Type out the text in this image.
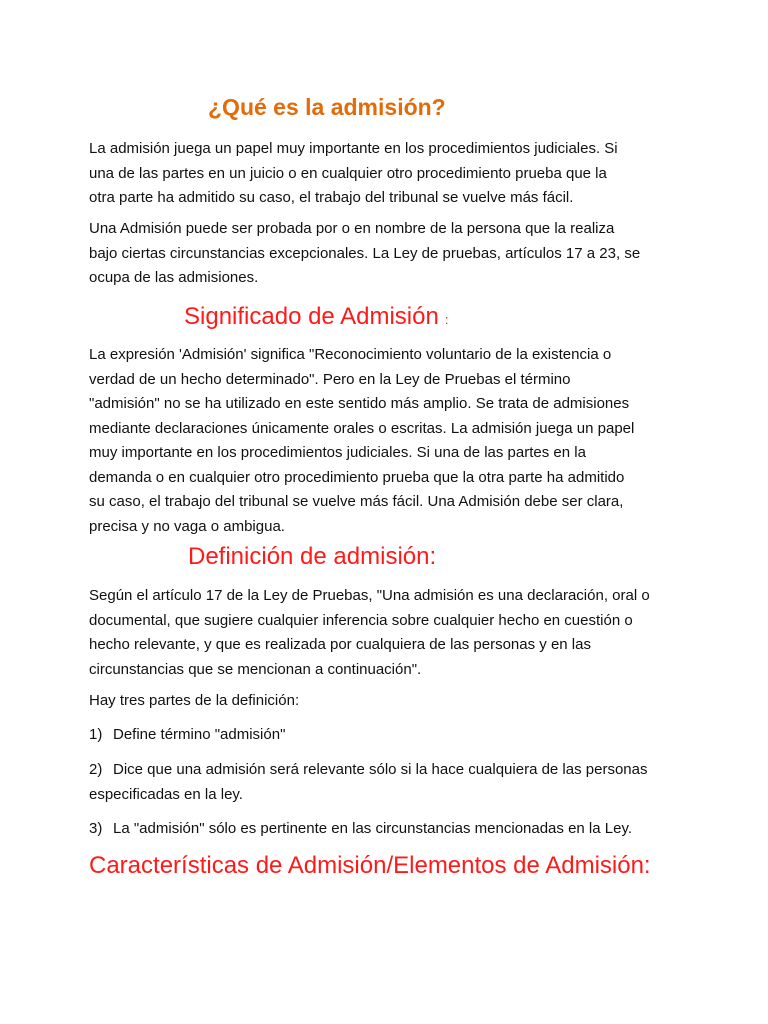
¿Qué es la admisión?
La admisión juega un papel muy importante en los procedimientos judiciales. Si
una de las partes en un juicio o en cualquier otro procedimiento prueba que la
otra parte ha admitido su caso, el trabajo del tribunal se vuelve más fácil.
Una Admisión puede ser probada por o en nombre de la persona que la realiza
bajo ciertas circunstancias excepcionales. La Ley de pruebas, artículos 17 a 23, se
ocupa de las admisiones.
Significado de Admisión :
La expresión 'Admisión' significa "Reconocimiento voluntario de la existencia o
verdad de un hecho determinado". Pero en la Ley de Pruebas el término
"admisión" no se ha utilizado en este sentido más amplio. Se trata de admisiones
mediante declaraciones únicamente orales o escritas. La admisión juega un papel
muy importante en los procedimientos judiciales. Si una de las partes en la
demanda o en cualquier otro procedimiento prueba que la otra parte ha admitido
su caso, el trabajo del tribunal se vuelve más fácil. Una Admisión debe ser clara,
precisa y no vaga o ambigua.
Definición de admisión:
Según el artículo 17 de la Ley de Pruebas, "Una admisión es una declaración, oral o
documental, que sugiere cualquier inferencia sobre cualquier hecho en cuestión o
hecho relevante, y que es realizada por cualquiera de las personas y en las
circunstancias que se mencionan a continuación".
Hay tres partes de la definición:
1) Define término "admisión"
2) Dice que una admisión será relevante sólo si la hace cualquiera de las personas
especificadas en la ley.
3) La "admisión" sólo es pertinente en las circunstancias mencionadas en la Ley.
Características de Admisión/Elementos de Admisión:
